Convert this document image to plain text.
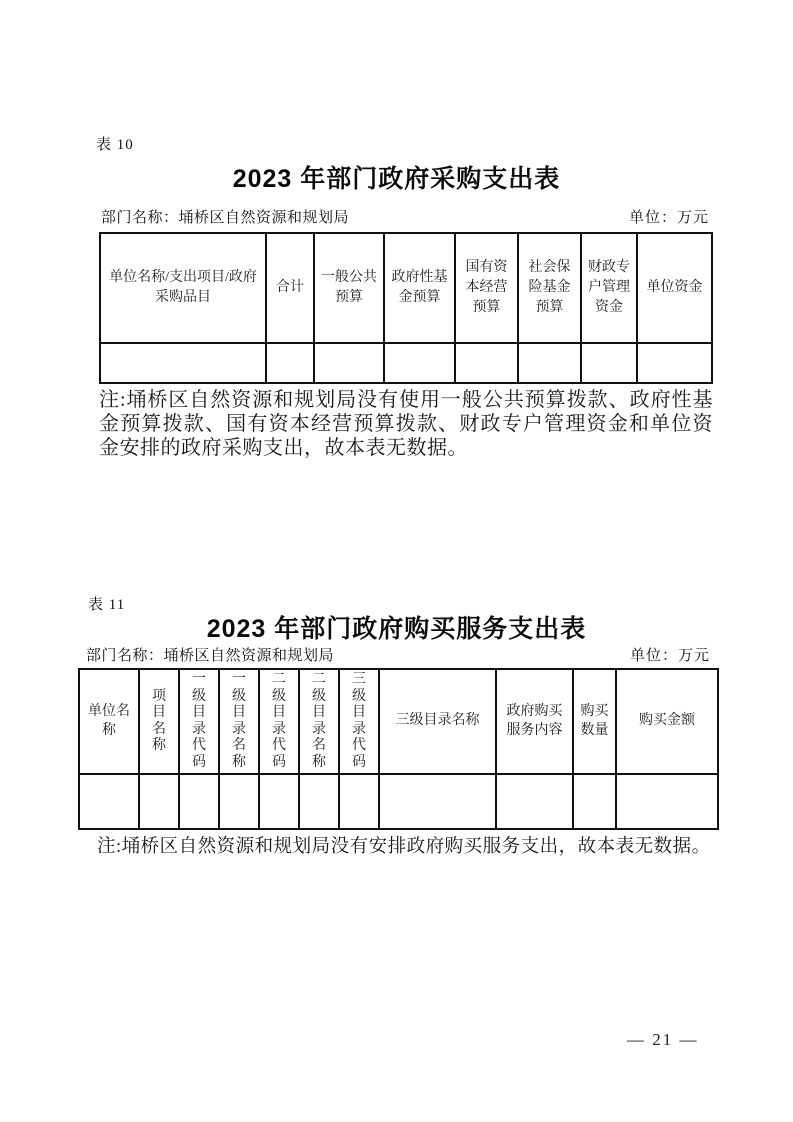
表 10
2023 年部门政府采购支出表
部门名称：埇桥区自然资源和规划局	单位：万元
单位名称/支出项目/政府采购品目	合计	一般公共预算	政府性基金预算	国有资本经营预算	社会保险基金预算	财政专户管理资金	单位资金

注:埇桥区自然资源和规划局没有使用一般公共预算拨款、政府性基金预算拨款、国有资本经营预算拨款、财政专户管理资金和单位资金安排的政府采购支出，故本表无数据。
表 11
2023 年部门政府购买服务支出表
部门名称：埇桥区自然资源和规划局	单位：万元
单位名称	项目名称	一级目录代码	一级目录名称	二级目录代码	二级目录名称	三级目录代码	三级目录名称	政府购买服务内容	购买数量	购买金额

注:埇桥区自然资源和规划局没有安排政府购买服务支出，故本表无数据。
— 21 —
